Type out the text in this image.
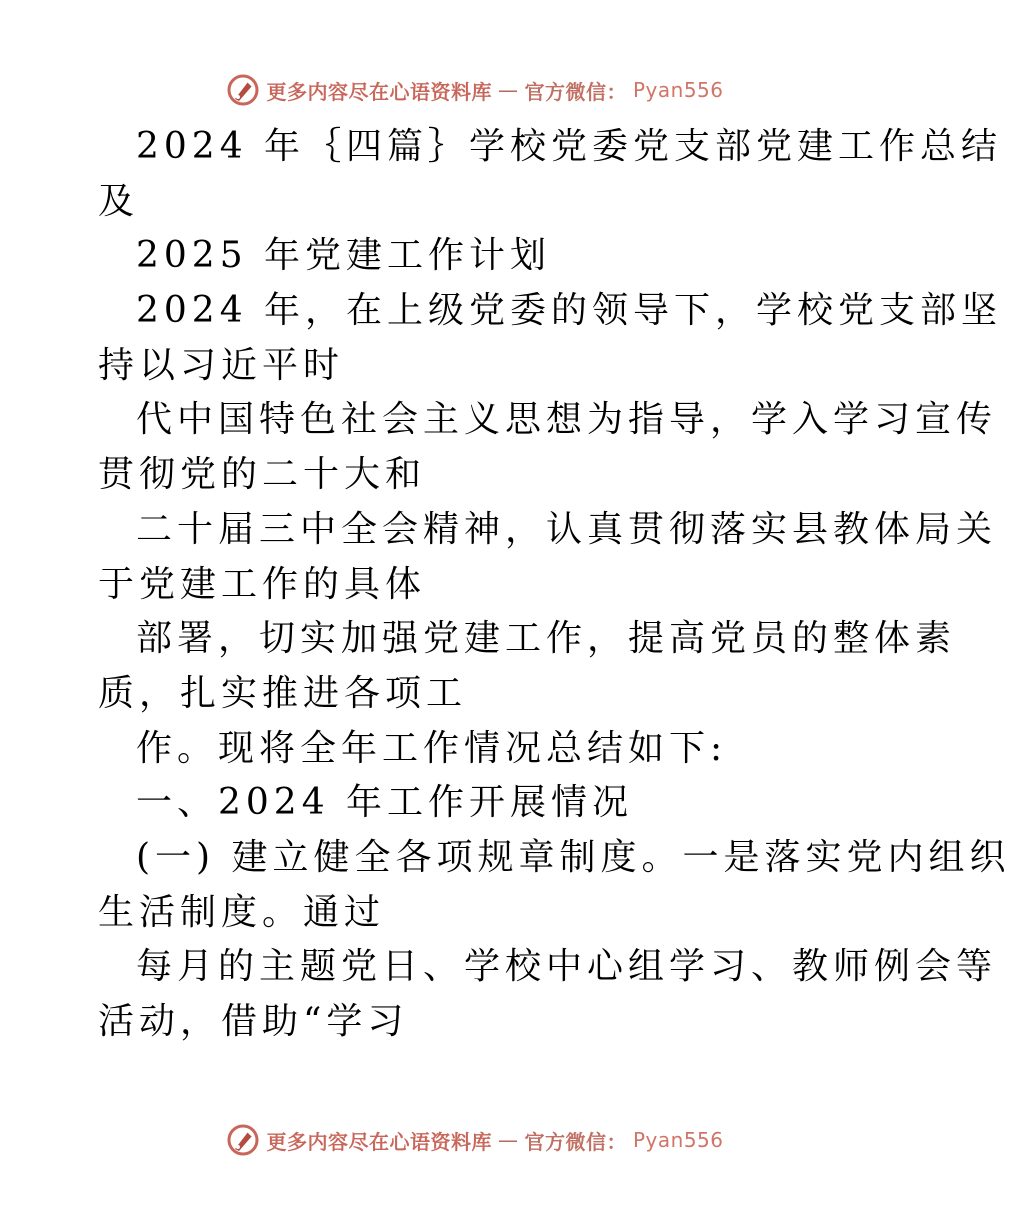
更多内容尽在心语资料库 — 官方微信： Pyan556
2024 年｛四篇｝学校党委党支部党建工作总结
及
2025 年党建工作计划
2024 年，在上级党委的领导下，学校党支部坚
持以习近平时
代中国特色社会主义思想为指导，学入学习宣传
贯彻党的二十大和
二十届三中全会精神，认真贯彻落实县教体局关
于党建工作的具体
部署，切实加强党建工作，提高党员的整体素
质，扎实推进各项工
作。现将全年工作情况总结如下:
一、2024 年工作开展情况
(一) 建立健全各项规章制度。一是落实党内组织
生活制度。通过
每月的主题党日、学校中心组学习、教师例会等
活动，借助“学习
更多内容尽在心语资料库 — 官方微信： Pyan556
